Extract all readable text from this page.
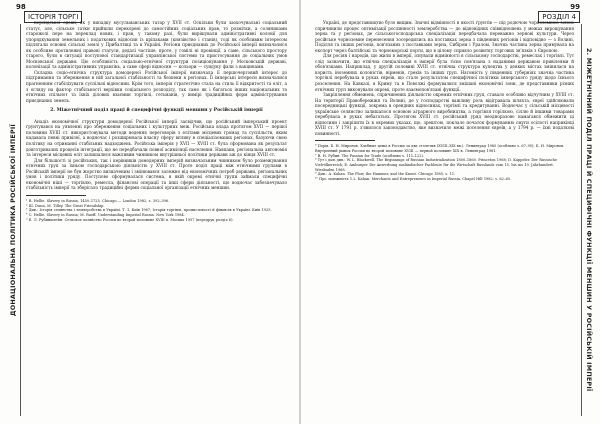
98
ІСТОРІЯ ТОРГІ
ДОНАЦІОНАЛЬНА ПОЛІТИКА РОСІЙСЬКОЇ ІМПЕРІЇ

персидської одежі, як у випадку мусульманських татар у XVII ст. Оскільки були заохочувальні соціальний статус, але, сільське гатки прийшли перекорені до самостійних соціальних прав, то розмітки, а соляниками старожолі пере на переклад нових, і прав, у такому разі, були вирішували адміністративні колонії для упорядкування земельних і податкових відносин із кріпаками (князівство і станів), тоді як особливим інтересом підлягали основні сільські землі у Прибалтиці та в Україні. Регіони приєднаних до Російської імперії визначалися як особливо протилежні правові статуси, дедалі частіше, проте, у гомілі ні провінції, а саме, сільського простору старого, були в ситуації поступової стандартизації управлінської системи та пристосування до соціальних умов Московської держави. Цю особливість соціально-етнічної структури позиціонування у Московській державі, колонізації та адміністративних управлінь, а саме сфері відносин — кольори — сундуку фали з вакцинами.

Складна соціо-етнічна структура домодерної Російської імперії визначала її першочерговий інтерес до підтримання та збереження в ній загальної стабільності та безпеки в регіонах. Її імперські інтереси визначалися прагненням стабілізувати суспільні відносини. Крім того, імперія стратегічно стала на стиль її відкритості та еліт, а з огляду на фактор стабільності верхівки соціального розподілу, так само як і багатьох інших національних та етнічних спільнот та їхніх ділових взаємин торгівлі, гетьманів, у вимірі традиційних форм адміністрування приєднаних земель.

2. Міжетнічний поділ праці й специфічні функції меншин у Російській імперії

Анадіз економічної структури домодерної Російської імперії засвідчив, що російський імперський проект ґрунтувався на уявленні про збереження соціальних і культурних меж. Російська влада протягом XVII — першої половини XVIII ст. використовувала методи ведення переговорів з елітами місцевих громад та суспільств, яким надавала певні привілеї, а водночас і розширювала власну сферу впливу в спеціалізованих регіонах, базуючи свою політику на отриманні стабільних надходжень. Російська імперія у XVII — XVIII ст. була сформована як результат довготривалих процесів інтеграції, що не передбачали повної асиміляції населення. Навпаки, регіональна автономія та інтереси місцевих еліт залишалися важливим чинником внутрішньої політики держави аж до кінця XVIII ст.

Для більшості зі російських, так і керівників домодерних імперій визначальним чинником було розмежування етнічних груп за їхньою господарською діяльністю у XVIII ст. Проте поділ праці між етнічними групами в Російській імперії не був жорстко визначеним і змінювався залежно від економічних потреб держави, регіональних умов і політики уряду. Поступово сформувалася система, в якій окремі етнічні групи займали специфічні економічні ніші — торгівлю, ремесла, фінансові операції та інші сфери діяльності, що водночас забезпечувало стабільність імперії та зберігало традиційні форми соціальної організації етнічних меншин.

¹ R. Hellie. Slavery in Russia, 1450–1725. Chicago — London 1982, s. 392–396.

² Ш. Dunn, M. Tilley. The Great Friendship.

³ Див.: Історія селянства і землеробства в Україні. Т. 1. Київ 1967; Історія торгівлі, промисловості й фінансів в Україні. Київ 1925.

⁴ C. Hellie. Slavery in Russia; M. Raeff. Understanding Imperial Russia. New York 1984.

⁵ Е. Л. Рубинштейн. Сельское хозяйство России во второй половине XVIII в. Москва 1957 (передрук розділ 6).

99
РОЗДІЛ 4
2. МІЖЕТНІЧНИЙ ПОДІЛ ПРАЦІ Й СПЕЦИФІЧНІ ФУНКЦІЇ МЕНШИН У РОСІЙСЬКІЙ ІМПЕРІЇ

Україні, де представництво було вищим. Значні відмінності в якості ґрунтів — під родючою чорноземною зоною спричинили процес оптимізації рослинності землеробства — до відповідних співвідношень у межах вирощування зерна та у регіонах, де сільськогосподарська спеціалізація передбачала переважно зернові культури. Через російське чорноземне перенесення зосередились на поставках зерна з південних регіонів і відповідно — з Волині, Поділля та інших регіонів, пов'язаних з поставками зерна, Сибіром і Уралом. Значна частина зерна прямувала на експорт через балтійські та чорноморські порти, що в цілому сприяло розвитку торгових зв'язків з Європою.

Для росіян і народів, що жили в імперії, існували відмінності в сільському господарстві, ремеслах і торгівлі. Тут слід зазначити, що етнічна спеціалізація в імперії була тісно пов'язана з наданими державою привілеями й обов'язками. Наприклад, у другій половині XVIII ст. етнічна структура купецтва у деяких містах змінилася на користь іноземних колоністів, вірменів, греків та інших груп. Натомість у південних губерніях значна частина торгівлі перебувала в руках євреїв, що стало результатом специфічної політики імперського уряду щодо їхнього розселення. На Кавказі, в Криму та в Поволжі формувалися змішані економічні зони, де представники різних етнічних груп виконували окремі, проте взаємопов'язані функції.

Закріплення обмежень, спричинених діяльністю окремих етнічних груп, ставало особливо відчутним у XVIII ст. На території Правобережжя та Волині, де у господарстві важливу роль відігравала шляхта, євреї здійснювали посередницькі функції, зокрема в орендних відносинах, торгівлі та кредитуванні. Водночас у сільській місцевості українське селянство залишалося основою аграрного виробництва, а торгівля горілкою, сіллю й іншими товарами перебувала в руках небагатьох. Протягом XVIII ст. російський уряд неодноразово намагався обмежити ці відносини і закріпити їх в окремих указах, що, зрештою, поклало початок формуванню смуги осілості наприкінці XVIII ст. У 1791 р. з'явилося законодавство, яке визначило межі поселення євреїв, а у 1794 р. — їхні податкові повинності.

⁶ Порів. Б. Н. Миронов. Хлебные цены в России за два столетия (XVIII–XIX вв.). Ленинград 1985 (особливо s. 67–95); Б. Н. Миронов. Внутренний рынок России во второй половине XVIII — первой половине XIX в. Ленинград 1981.

⁷ В. Н. Рубин. The Passion for Trade (особливо s. 111–122).

⁸ Тут і далі див.: W. L. Blackwell. The Beginnings of Russian Industrialization 1800–1860. Princeton 1968; D. Kappeler. Der Russische Vielvölkerreich; E. Amburger. Die Anwerbung ausländischer Fachleute für die Wirtschaft Russlands vom 15. bis ins 19. Jahrhundert. Wiesbaden 1968.

⁹ Див.: A. Kahan. The Plow, the Hammer, and the Knout. Chicago 1985, s. 11.

¹⁰ Про залежність 1.2. Kahan. Merchants and Entrepreneurs in Imperial Russia. Chapel Hill 1982, s. 62–65.
